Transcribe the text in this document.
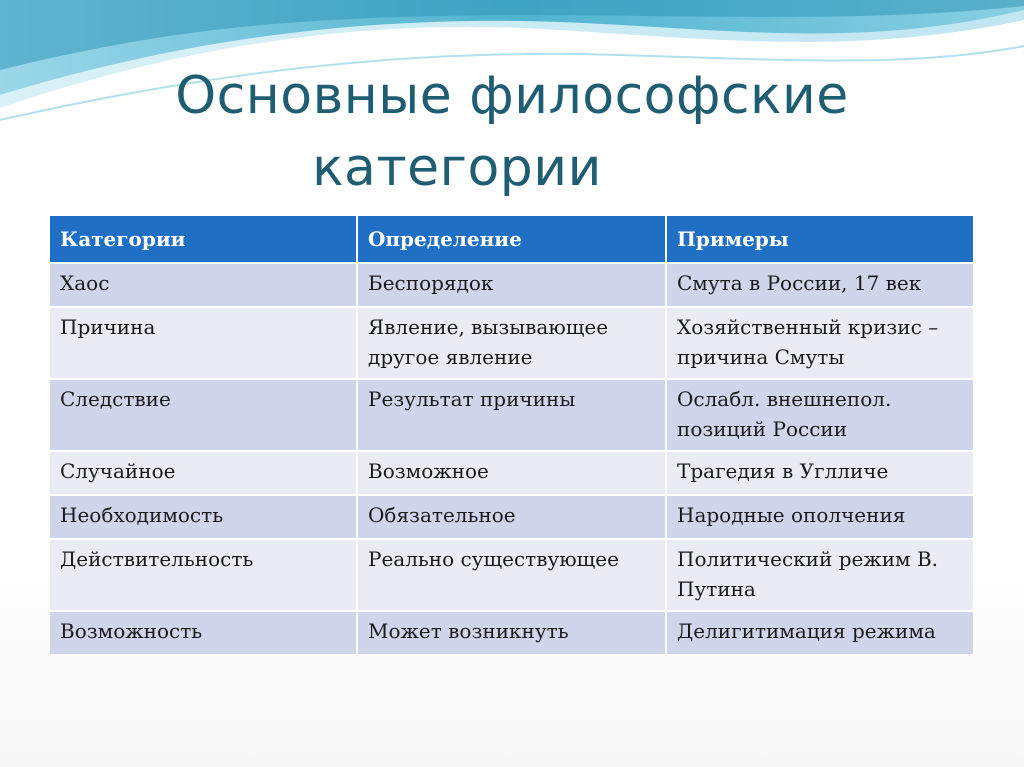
Основные философские
категории
Категории	Определение	Примеры
Хаос	Беспорядок	Смута в России, 17 век
Причина	Явление, вызывающее другое явление	Хозяйственный кризис – причина Смуты
Следствие	Результат причины	Ослабл. внешнепол. позиций России
Случайное	Возможное	Трагедия в Углличе
Необходимость	Обязательное	Народные ополчения
Действительность	Реально существующее	Политический режим В. Путина
Возможность	Может возникнуть	Делигитимация режима
